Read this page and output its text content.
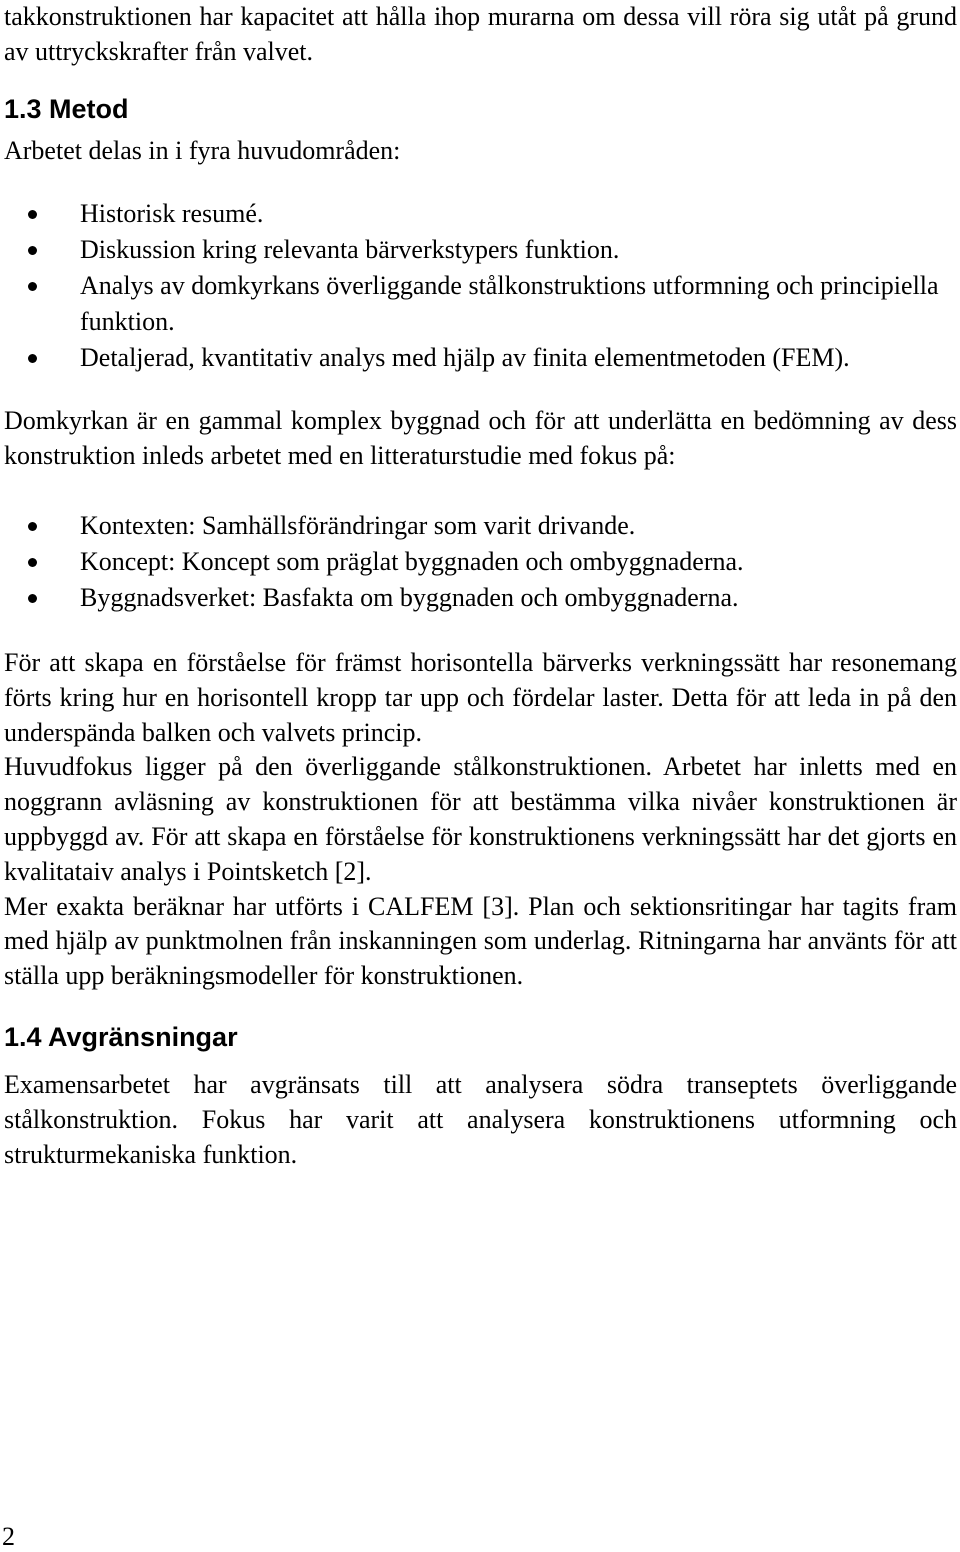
takkonstruktionen har kapacitet att hålla ihop murarna om dessa vill röra sig utåt på grund av uttryckskrafter från valvet.

1.3 Metod

Arbetet delas in i fyra huvudområden:

Historisk resumé.
Diskussion kring relevanta bärverkstypers funktion.
Analys av domkyrkans överliggande stålkonstruktions utformning och principiella funktion.
Detaljerad, kvantitativ analys med hjälp av finita elementmetoden (FEM).

Domkyrkan är en gammal komplex byggnad och för att underlätta en bedömning av dess konstruktion inleds arbetet med en litteraturstudie med fokus på:

Kontexten: Samhällsförändringar som varit drivande.
Koncept: Koncept som präglat byggnaden och ombyggnaderna.
Byggnadsverket: Basfakta om byggnaden och ombyggnaderna.

För att skapa en förståelse för främst horisontella bärverks verkningssätt har resonemang förts kring hur en horisontell kropp tar upp och fördelar laster. Detta för att leda in på den underspända balken och valvets princip.

Huvudfokus ligger på den överliggande stålkonstruktionen. Arbetet har inletts med en noggrann avläsning av konstruktionen för att bestämma vilka nivåer konstruktionen är uppbyggd av. För att skapa en förståelse för konstruktionens verkningssätt har det gjorts en kvalitataiv analys i Pointsketch [2].

Mer exakta beräknar har utförts i CALFEM [3]. Plan och sektionsritingar har tagits fram med hjälp av punktmolnen från inskanningen som underlag. Ritningarna har använts för att ställa upp beräkningsmodeller för konstruktionen.

1.4 Avgränsningar

Examensarbetet har avgränsats till att analysera södra transeptets överliggande stålkonstruktion. Fokus har varit att analysera konstruktionens utformning och strukturmekaniska funktion.

2
